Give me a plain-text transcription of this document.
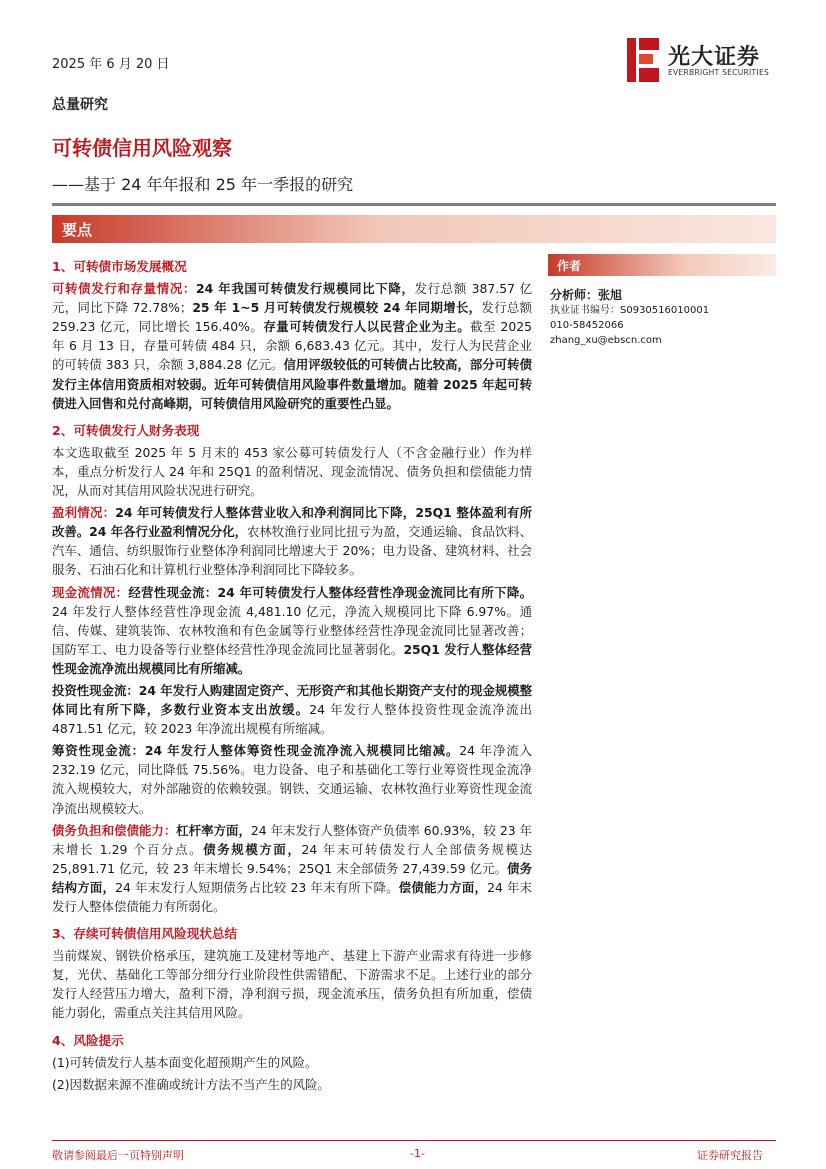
2025 年 6 月 20 日	光大证券
EVERBRIGHT SECURITIES
总量研究
可转债信用风险观察
——基于 24 年年报和 25 年一季报的研究
要点
1、可转债市场发展概况
可转债发行和存量情况：24 年我国可转债发行规模同比下降，发行总额 387.57 亿元，同比下降 72.78%；25 年 1~5 月可转债发行规模较 24 年同期增长，发行总额 259.23 亿元，同比增长 156.40%。存量可转债发行人以民营企业为主。截至 2025 年 6 月 13 日，存量可转债 484 只，余额 6,683.43 亿元。其中，发行人为民营企业的可转债 383 只，余额 3,884.28 亿元。信用评级较低的可转债占比较高，部分可转债发行主体信用资质相对较弱。近年可转债信用风险事件数量增加。随着 2025 年起可转债进入回售和兑付高峰期，可转债信用风险研究的重要性凸显。
2、可转债发行人财务表现
本文选取截至 2025 年 5 月末的 453 家公募可转债发行人（不含金融行业）作为样本，重点分析发行人 24 年和 25Q1 的盈利情况、现金流情况、债务负担和偿债能力情况，从而对其信用风险状况进行研究。
盈利情况：24 年可转债发行人整体营业收入和净利润同比下降，25Q1 整体盈利有所改善。24 年各行业盈利情况分化，农林牧渔行业同比扭亏为盈，交通运输、食品饮料、汽车、通信、纺织服饰行业整体净利润同比增速大于 20%；电力设备、建筑材料、社会服务、石油石化和计算机行业整体净利润同比下降较多。
现金流情况：经营性现金流：24 年可转债发行人整体经营性净现金流同比有所下降。24 年发行人整体经营性净现金流 4,481.10 亿元，净流入规模同比下降 6.97%。通信、传媒、建筑装饰、农林牧渔和有色金属等行业整体经营性净现金流同比显著改善；国防军工、电力设备等行业整体经营性净现金流同比显著弱化。25Q1 发行人整体经营性现金流净流出规模同比有所缩减。
投资性现金流：24 年发行人购建固定资产、无形资产和其他长期资产支付的现金规模整体同比有所下降，多数行业资本支出放缓。24 年发行人整体投资性现金流净流出 4871.51 亿元，较 2023 年净流出规模有所缩减。
筹资性现金流：24 年发行人整体筹资性现金流净流入规模同比缩减。24 年净流入 232.19 亿元，同比降低 75.56%。电力设备、电子和基础化工等行业筹资性现金流净流入规模较大，对外部融资的依赖较强。钢铁、交通运输、农林牧渔行业筹资性现金流净流出规模较大。
债务负担和偿债能力：杠杆率方面，24 年末发行人整体资产负债率 60.93%，较 23 年末增长 1.29 个百分点。债务规模方面，24 年末可转债发行人全部债务规模达 25,891.71 亿元，较 23 年末增长 9.54%；25Q1 末全部债务 27,439.59 亿元。债务结构方面，24 年末发行人短期债务占比较 23 年末有所下降。偿债能力方面，24 年末发行人整体偿债能力有所弱化。
3、存续可转债信用风险现状总结
当前煤炭、钢铁价格承压，建筑施工及建材等地产、基建上下游产业需求有待进一步修复，光伏、基础化工等部分细分行业阶段性供需错配、下游需求不足。上述行业的部分发行人经营压力增大，盈利下滑，净利润亏损，现金流承压，债务负担有所加重，偿债能力弱化，需重点关注其信用风险。
4、风险提示
(1)可转债发行人基本面变化超预期产生的风险。
(2)因数据来源不准确或统计方法不当产生的风险。
作者
分析师：张旭
执业证书编号：S0930516010001
010-58452066
zhang_xu@ebscn.com
敬请参阅最后一页特别声明	-1-	证券研究报告
